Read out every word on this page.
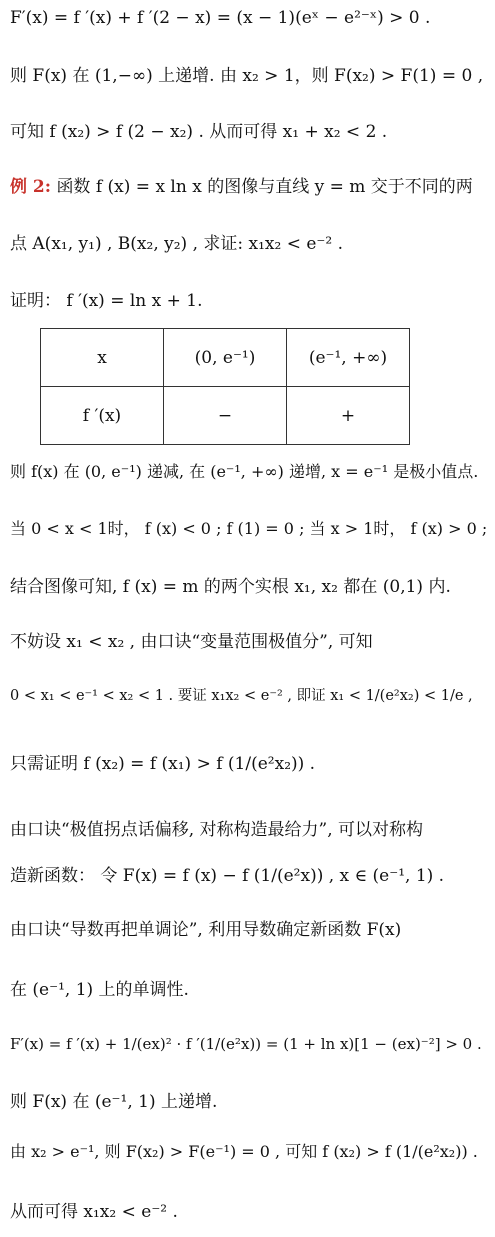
F′(x) = f ′(x) + f ′(2 − x) = (x − 1)(eˣ − e²⁻ˣ) > 0 .
则 F(x) 在 (1,−∞) 上递增. 由 x₂ > 1，则 F(x₂) > F(1) = 0 ,
可知 f (x₂) > f (2 − x₂) . 从而可得 x₁ + x₂ < 2 .
例 2: 函数 f (x) = x ln x 的图像与直线 y = m 交于不同的两
点 A(x₁, y₁) , B(x₂, y₂) , 求证: x₁x₂ < e⁻² .
证明： f ′(x) = ln x + 1.
x	(0, e⁻¹)	(e⁻¹, +∞)
f ′(x)	−	+
则 f(x) 在 (0, e⁻¹) 递减, 在 (e⁻¹, +∞) 递增, x = e⁻¹ 是极小值点.
当 0 < x < 1时， f (x) < 0 ; f (1) = 0 ; 当 x > 1时， f (x) > 0 ;
结合图像可知, f (x) = m 的两个实根 x₁, x₂ 都在 (0,1) 内.
不妨设 x₁ < x₂ , 由口诀“变量范围极值分”, 可知
0 < x₁ < e⁻¹ < x₂ < 1 . 要证 x₁x₂ < e⁻² , 即证 x₁ < 1/(e²x₂) < 1/e ,
只需证明 f (x₂) = f (x₁) > f (1/(e²x₂)) .
由口诀“极值拐点话偏移, 对称构造最给力”, 可以对称构
造新函数： 令 F(x) = f (x) − f (1/(e²x)) , x ∈ (e⁻¹, 1) .
由口诀“导数再把单调论”, 利用导数确定新函数 F(x)
在 (e⁻¹, 1) 上的单调性.
F′(x) = f ′(x) + 1/(ex)² · f ′(1/(e²x)) = (1 + ln x)[1 − (ex)⁻²] > 0 .
则 F(x) 在 (e⁻¹, 1) 上递增.
由 x₂ > e⁻¹, 则 F(x₂) > F(e⁻¹) = 0 , 可知 f (x₂) > f (1/(e²x₂)) .
从而可得 x₁x₂ < e⁻² .
